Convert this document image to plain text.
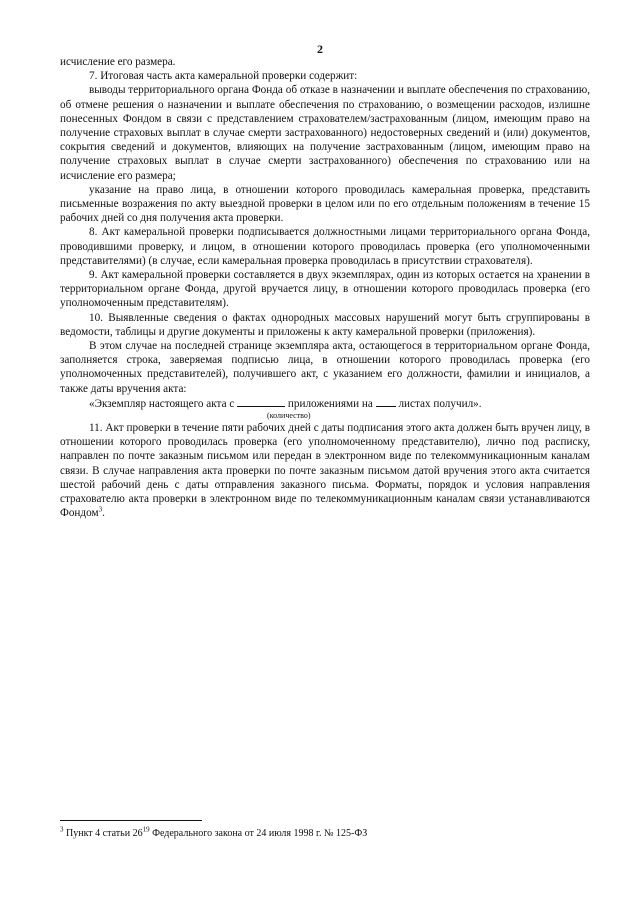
2

исчисление его размера.

7. Итоговая часть акта камеральной проверки содержит:

выводы территориального органа Фонда об отказе в назначении и выплате обеспечения по страхованию, об отмене решения о назначении и выплате обеспечения по страхованию, о возмещении расходов, излишне понесенных Фондом в связи с представлением страхователем/застрахованным (лицом, имеющим право на получение страховых выплат в случае смерти застрахованного) недостоверных сведений и (или) документов, сокрытия сведений и документов, влияющих на получение застрахованным (лицом, имеющим право на получение страховых выплат в случае смерти застрахованного) обеспечения по страхованию или на исчисление его размера;

указание на право лица, в отношении которого проводилась камеральная проверка, представить письменные возражения по акту выездной проверки в целом или по его отдельным положениям в течение 15 рабочих дней со дня получения акта проверки.

8. Акт камеральной проверки подписывается должностными лицами территориального органа Фонда, проводившими проверку, и лицом, в отношении которого проводилась проверка (его уполномоченными представителями) (в случае, если камеральная проверка проводилась в присутствии страхователя).

9. Акт камеральной проверки составляется в двух экземплярах, один из которых остается на хранении в территориальном органе Фонда, другой вручается лицу, в отношении которого проводилась проверка (его уполномоченным представителям).

10. Выявленные сведения о фактах однородных массовых нарушений могут быть сгруппированы в ведомости, таблицы и другие документы и приложены к акту камеральной проверки (приложения).

В этом случае на последней странице экземпляра акта, остающегося в территориальном органе Фонда, заполняется строка, заверяемая подписью лица, в отношении которого проводилась проверка (его уполномоченных представителей), получившего акт, с указанием его должности, фамилии и инициалов, а также даты вручения акта:

«Экземпляр настоящего акта с	приложениями на листах получил».

(количество)

11. Акт проверки в течение пяти рабочих дней с даты подписания этого акта должен быть вручен лицу, в отношении которого проводилась проверка (его уполномоченному представителю), лично под расписку, направлен по почте заказным письмом или передан в электронном виде по телекоммуникационным каналам связи. В случае направления акта проверки по почте заказным письмом датой вручения этого акта считается шестой рабочий день с даты отправления заказного письма. Форматы, порядок и условия направления страхователю акта проверки в электронном виде по телекоммуникационным каналам связи устанавливаются Фондом$^3$.

$^3$ Пункт 4 статьи $26^{19}$ Федерального закона от 24 июля 1998 г. № 125-ФЗ
